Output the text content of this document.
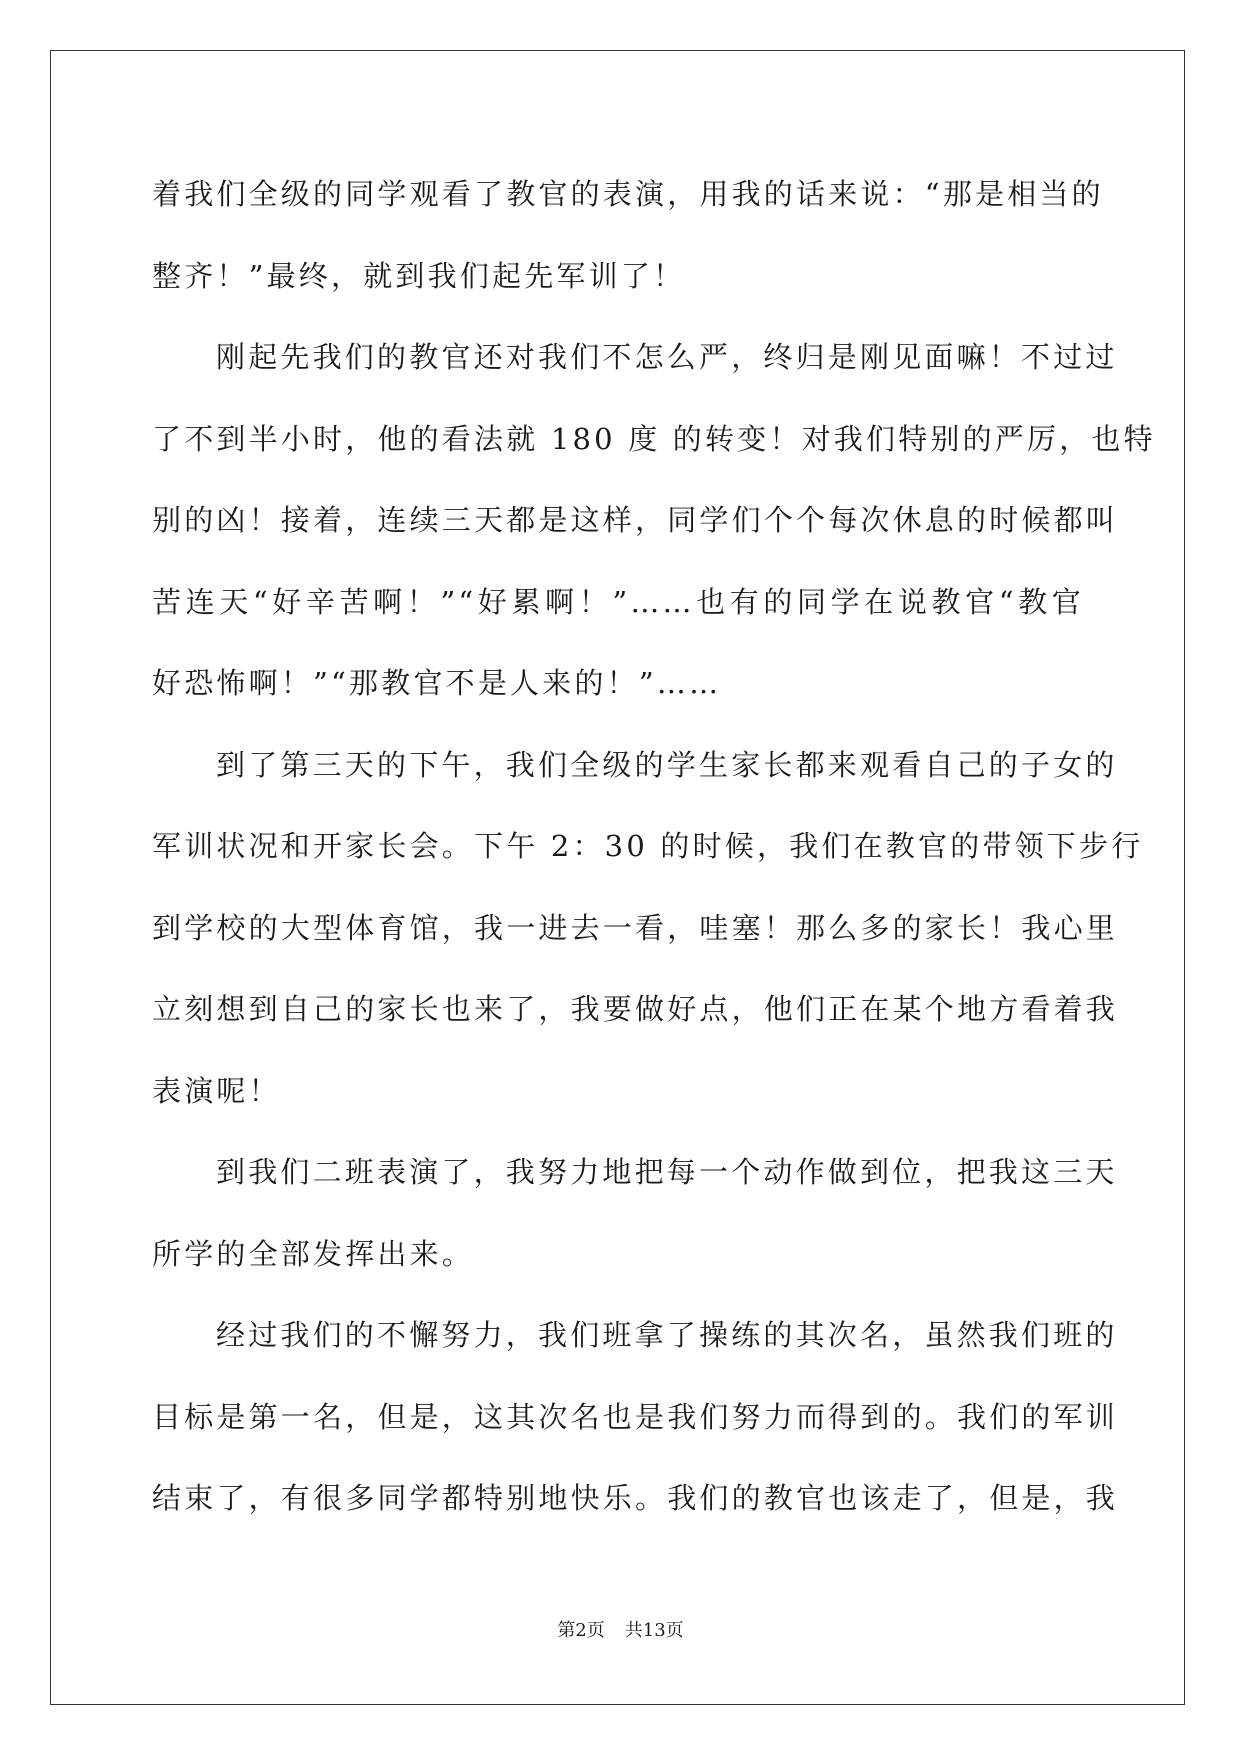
着我们全级的同学观看了教官的表演，用我的话来说：“那是相当的
整齐！”最终，就到我们起先军训了！
刚起先我们的教官还对我们不怎么严，终归是刚见面嘛！不过过
了不到半小时，他的看法就 180 度 的转变！对我们特别的严厉，也特
别的凶！接着，连续三天都是这样，同学们个个每次休息的时候都叫
苦连天“好辛苦啊！”“好累啊！”……也有的同学在说教官“教官
好恐怖啊！”“那教官不是人来的！”……
到了第三天的下午，我们全级的学生家长都来观看自己的子女的
军训状况和开家长会。下午 2：30 的时候，我们在教官的带领下步行
到学校的大型体育馆，我一进去一看，哇塞！那么多的家长！我心里
立刻想到自己的家长也来了，我要做好点，他们正在某个地方看着我
表演呢！
到我们二班表演了，我努力地把每一个动作做到位，把我这三天
所学的全部发挥出来。
经过我们的不懈努力，我们班拿了操练的其次名，虽然我们班的
目标是第一名，但是，这其次名也是我们努力而得到的。我们的军训
结束了，有很多同学都特别地快乐。我们的教官也该走了，但是，我
第2页 共13页
